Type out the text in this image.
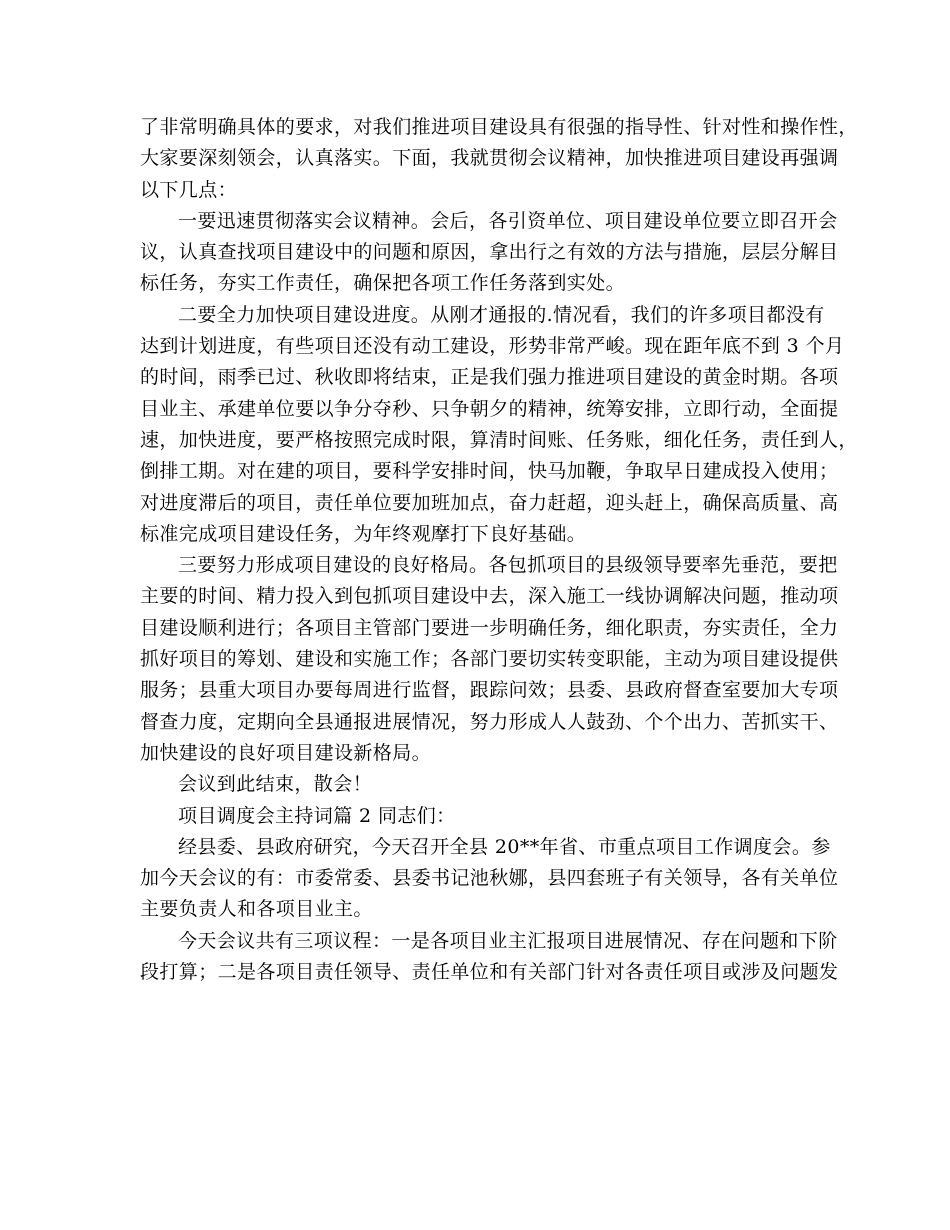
了非常明确具体的要求，对我们推进项目建设具有很强的指导性、针对性和操作性，
大家要深刻领会，认真落实。下面，我就贯彻会议精神，加快推进项目建设再强调
以下几点：
一要迅速贯彻落实会议精神。会后，各引资单位、项目建设单位要立即召开会
议，认真查找项目建设中的问题和原因，拿出行之有效的方法与措施，层层分解目
标任务，夯实工作责任，确保把各项工作任务落到实处。
二要全力加快项目建设进度。从刚才通报的.情况看，我们的许多项目都没有
达到计划进度，有些项目还没有动工建设，形势非常严峻。现在距年底不到 3 个月
的时间，雨季已过、秋收即将结束，正是我们强力推进项目建设的黄金时期。各项
目业主、承建单位要以争分夺秒、只争朝夕的精神，统筹安排，立即行动，全面提
速，加快进度，要严格按照完成时限，算清时间账、任务账，细化任务，责任到人，
倒排工期。对在建的项目，要科学安排时间，快马加鞭，争取早日建成投入使用；
对进度滞后的项目，责任单位要加班加点，奋力赶超，迎头赶上，确保高质量、高
标准完成项目建设任务，为年终观摩打下良好基础。
三要努力形成项目建设的良好格局。各包抓项目的县级领导要率先垂范，要把
主要的时间、精力投入到包抓项目建设中去，深入施工一线协调解决问题，推动项
目建设顺利进行；各项目主管部门要进一步明确任务，细化职责，夯实责任，全力
抓好项目的筹划、建设和实施工作；各部门要切实转变职能，主动为项目建设提供
服务；县重大项目办要每周进行监督，跟踪问效；县委、县政府督查室要加大专项
督查力度，定期向全县通报进展情况，努力形成人人鼓劲、个个出力、苦抓实干、
加快建设的良好项目建设新格局。
会议到此结束，散会！
项目调度会主持词篇 2 同志们：
经县委、县政府研究，今天召开全县 20**年省、市重点项目工作调度会。参
加今天会议的有：市委常委、县委书记池秋娜，县四套班子有关领导，各有关单位
主要负责人和各项目业主。
今天会议共有三项议程：一是各项目业主汇报项目进展情况、存在问题和下阶
段打算；二是各项目责任领导、责任单位和有关部门针对各责任项目或涉及问题发
